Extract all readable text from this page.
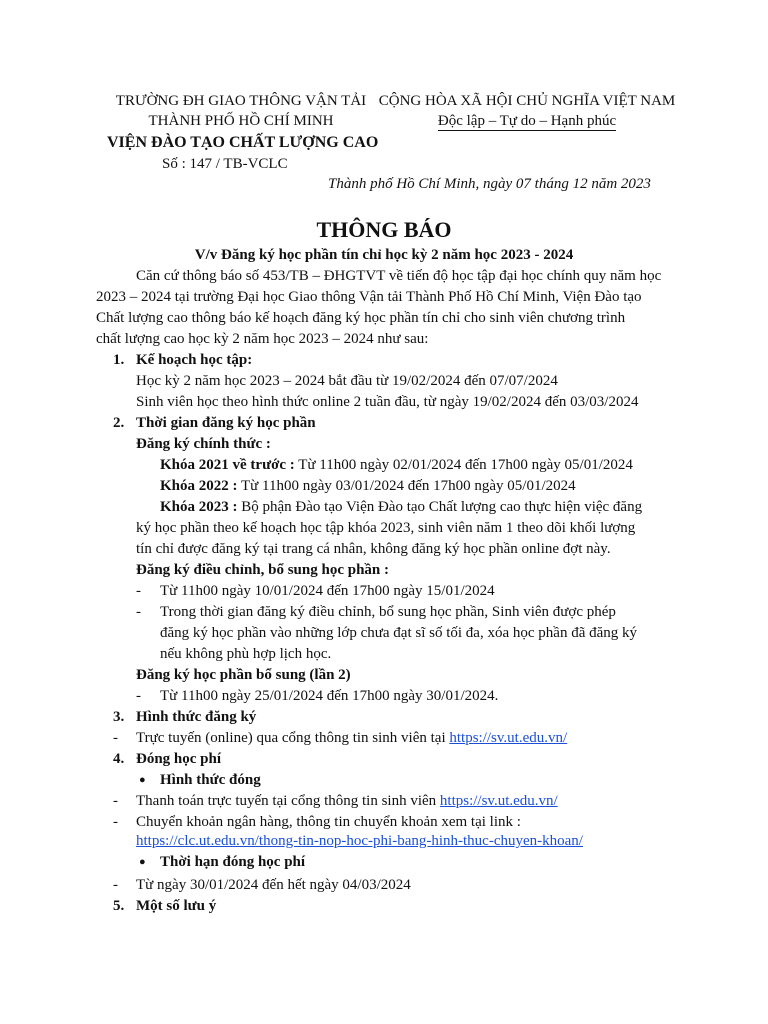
TRƯỜNG ĐH GIAO THÔNG VẬN TẢI
THÀNH PHỐ HỒ CHÍ MINH
VIỆN ĐÀO TẠO CHẤT LƯỢNG CAO
Số : 147 / TB-VCLC
CỘNG HÒA XÃ HỘI CHỦ NGHĨA VIỆT NAM
Độc lập – Tự do – Hạnh phúc
Thành phố Hồ Chí Minh, ngày 07 tháng 12 năm 2023
THÔNG BÁO
V/v Đăng ký học phần tín chỉ học kỳ 2 năm học 2023 - 2024
Căn cứ thông báo số 453/TB – ĐHGTVT về tiến độ học tập đại học chính quy năm học
2023 – 2024 tại trường Đại học Giao thông Vận tải Thành Phố Hồ Chí Minh, Viện Đào tạo
Chất lượng cao thông báo kế hoạch đăng ký học phần tín chỉ cho sinh viên chương trình
chất lượng cao học kỳ 2 năm học 2023 – 2024 như sau:
1. Kế hoạch học tập:
Học kỳ 2 năm học 2023 – 2024 bắt đầu từ 19/02/2024 đến 07/07/2024
Sinh viên học theo hình thức online 2 tuần đầu, từ ngày 19/02/2024 đến 03/03/2024
2. Thời gian đăng ký học phần
Đăng ký chính thức :
Khóa 2021 về trước : Từ 11h00 ngày 02/01/2024 đến 17h00 ngày 05/01/2024
Khóa 2022 : Từ 11h00 ngày 03/01/2024 đến 17h00 ngày 05/01/2024
Khóa 2023 : Bộ phận Đào tạo Viện Đào tạo Chất lượng cao thực hiện việc đăng
ký học phần theo kế hoạch học tập khóa 2023, sinh viên năm 1 theo dõi khối lượng
tín chỉ được đăng ký tại trang cá nhân, không đăng ký học phần online đợt này.
Đăng ký điều chỉnh, bổ sung học phần :
- Từ 11h00 ngày 10/01/2024 đến 17h00 ngày 15/01/2024
- Trong thời gian đăng ký điều chỉnh, bổ sung học phần, Sinh viên được phép
đăng ký học phần vào những lớp chưa đạt sĩ số tối đa, xóa học phần đã đăng ký
nếu không phù hợp lịch học.
Đăng ký học phần bổ sung (lần 2)
- Từ 11h00 ngày 25/01/2024 đến 17h00 ngày 30/01/2024.
3. Hình thức đăng ký
- Trực tuyến (online) qua cổng thông tin sinh viên tại https://sv.ut.edu.vn/
4. Đóng học phí
● Hình thức đóng
- Thanh toán trực tuyến tại cổng thông tin sinh viên https://sv.ut.edu.vn/
- Chuyển khoản ngân hàng, thông tin chuyển khoản xem tại link :
https://clc.ut.edu.vn/thong-tin-nop-hoc-phi-bang-hinh-thuc-chuyen-khoan/
● Thời hạn đóng học phí
- Từ ngày 30/01/2024 đến hết ngày 04/03/2024
5. Một số lưu ý
